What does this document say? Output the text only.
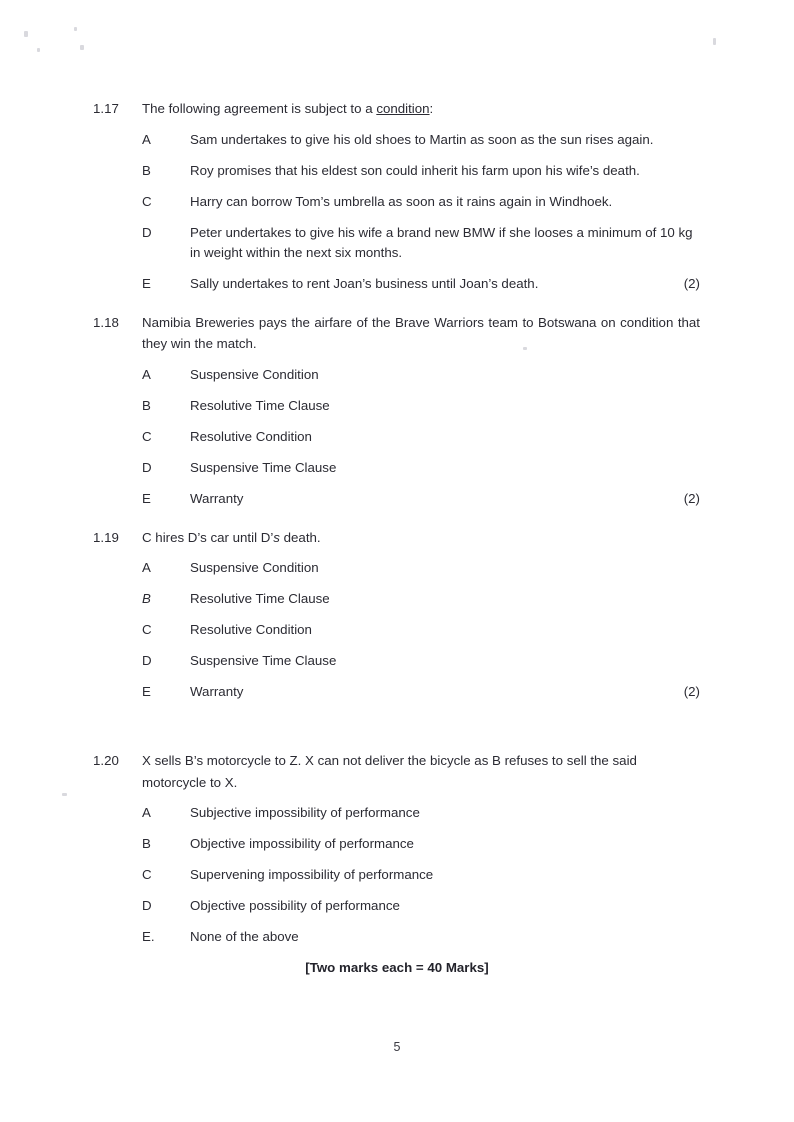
1.17 The following agreement is subject to a condition:
A	Sam undertakes to give his old shoes to Martin as soon as the sun rises again.
B	Roy promises that his eldest son could inherit his farm upon his wife’s death.
C	Harry can borrow Tom’s umbrella as soon as it rains again in Windhoek.
D	Peter undertakes to give his wife a brand new BMW if she looses a minimum of 10 kg in weight within the next six months.
E	Sally undertakes to rent Joan’s business until Joan’s death.	(2)
1.18 Namibia Breweries pays the airfare of the Brave Warriors team to Botswana on condition that they win the match.
A	Suspensive Condition
B	Resolutive Time Clause
C	Resolutive Condition
D	Suspensive Time Clause
E	Warranty	(2)
1.19 C hires D’s car until D’s death.
A	Suspensive Condition
B	Resolutive Time Clause
C	Resolutive Condition
D	Suspensive Time Clause
E	Warranty	(2)
1.20 X sells B’s motorcycle to Z. X can not deliver the bicycle as B refuses to sell the said motorcycle to X.
A	Subjective impossibility of performance
B	Objective impossibility of performance
C	Supervening impossibility of performance
D	Objective possibility of performance
E.	None of the above
[Two marks each = 40 Marks]
5
